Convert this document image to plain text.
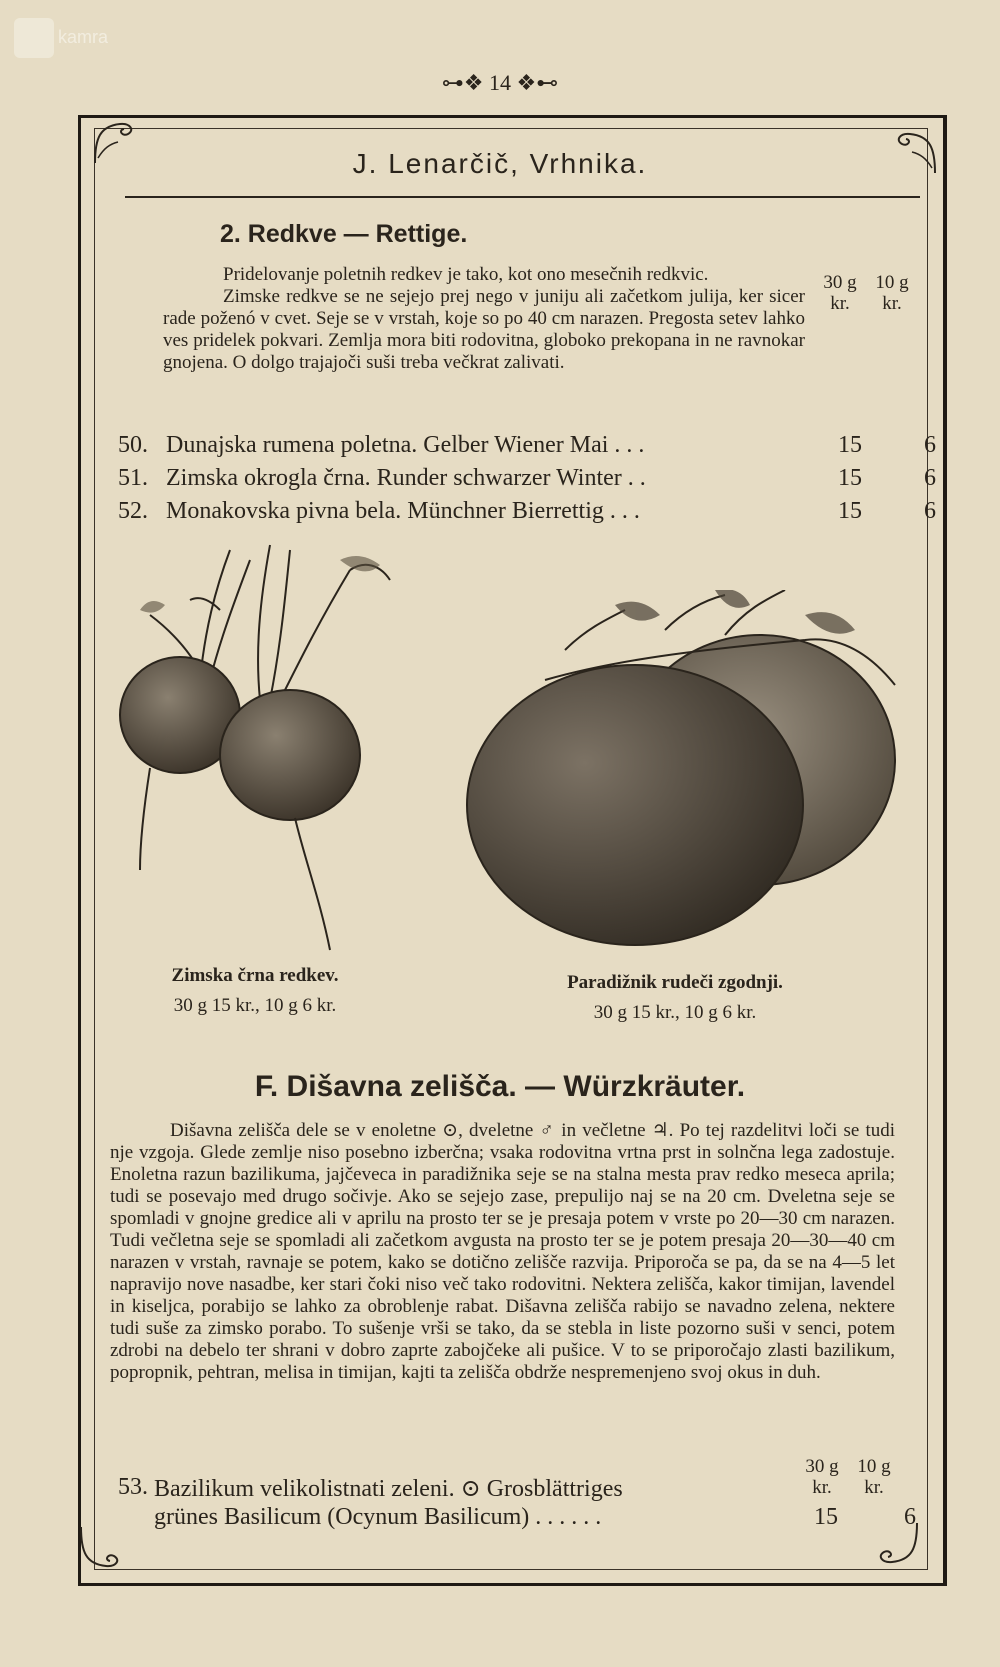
kamra
⊶❖ 14 ❖⊷
J. Lenarčič, Vrhnika.
2. Redkve — Rettige.
30 g
kr.
10 g
kr.

Pridelovanje poletnih redkev je tako, kot ono mesečnih redkvic.

Zimske redkve se ne sejejo prej nego v juniju ali začetkom julija, ker sicer rade poženó v cvet. Seje se v vrstah, koje so po 40 cm narazen. Pregosta setev lahko ves pridelek pokvari. Zemlja mora biti rodovitna, globoko prekopana in ne ravnokar gnojena. O dolgo trajajoči suši treba večkrat zalivati.

50. Dunajska rumena poletna. Gelber Wiener Mai . . .	15	6
51. Zimska okrogla črna. Runder schwarzer Winter . .	15	6
52. Monakovska pivna bela. Münchner Bierrettig . . .	15	6
Zimska črna redkev.
30 g 15 kr., 10 g 6 kr.
Paradižnik rudeči zgodnji.
30 g 15 kr., 10 g 6 kr.
F. Dišavna zelišča. — Würzkräuter.

Dišavna zelišča dele se v enoletne ⊙, dveletne ♂ in večletne ♃. Po tej razdelitvi loči se tudi nje vzgoja. Glede zemlje niso posebno izberčna; vsaka rodovitna vrtna prst in solnčna lega zadostuje. Enoletna razun bazilikuma, jajčeveca in paradižnika seje se na stalna mesta prav redko meseca aprila; tudi se posevajo med drugo sočivje. Ako se sejejo zase, prepulijo naj se na 20 cm. Dveletna seje se spomladi v gnojne gredice ali v aprilu na prosto ter se je presaja potem v vrste po 20—30 cm narazen. Tudi večletna seje se spomladi ali začetkom avgusta na prosto ter se je potem presaja 20—30—40 cm narazen v vrstah, ravnaje se potem, kako se dotično zelišče razvija. Priporoča se pa, da se na 4—5 let napravijo nove nasadbe, ker stari čoki niso več tako rodovitni. Nektera zelišča, kakor timijan, lavendel in kiseljca, porabijo se lahko za obroblenje rabat. Dišavna zelišča rabijo se navadno zelena, nektere tudi suše za zimsko porabo. To sušenje vrši se tako, da se stebla in liste pozorno suši v senci, potem zdrobi na debelo ter shrani v dobro zaprte zabojčeke ali pušice. V to se priporočajo zlasti bazilikum, popropnik, pehtran, melisa in timijan, kajti ta zelišča obdrže nespremenjeno svoj okus in duh.

30 g
kr.
10 g
kr.
53. Bazilikum velikolistnati zeleni. ⊙ Grosblättriges
grünes Basilicum (Ocynum Basilicum) . . . . . .	15	6
